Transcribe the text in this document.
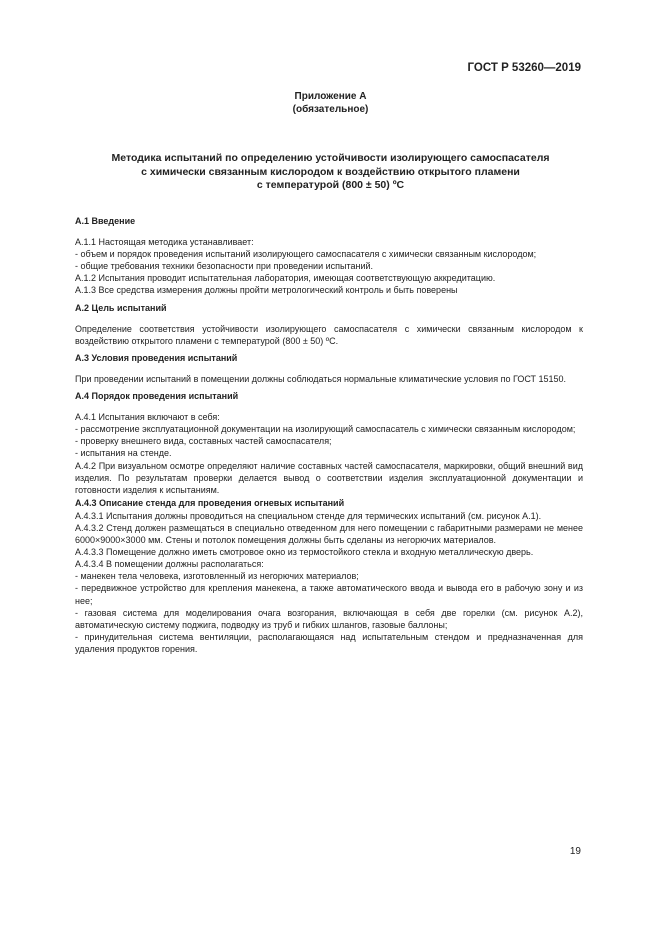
ГОСТ Р 53260—2019
Приложение А
(обязательное)
Методика испытаний по определению устойчивости изолирующего самоспасателя
с химически связанным кислородом к воздействию открытого пламени
с температурой (800 ± 50) ºС

А.1 Введение

А.1.1 Настоящая методика устанавливает:

- объем и порядок проведения испытаний изолирующего самоспасателя с химически связанным кислородом;

- общие требования техники безопасности при проведении испытаний.

А.1.2 Испытания проводит испытательная лаборатория, имеющая соответствующую аккредитацию.

А.1.3 Все средства измерения должны пройти метрологический контроль и быть поверены

А.2 Цель испытаний

Определение соответствия устойчивости изолирующего самоспасателя с химически связанным кислородом к воздействию открытого пламени с температурой (800 ± 50) ºС.

А.3 Условия проведения испытаний

При проведении испытаний в помещении должны соблюдаться нормальные климатические условия по ГОСТ 15150.

А.4 Порядок проведения испытаний

А.4.1 Испытания включают в себя:

- рассмотрение эксплуатационной документации на изолирующий самоспасатель с химически связанным кислородом;

- проверку внешнего вида, составных частей самоспасателя;

- испытания на стенде.

А.4.2 При визуальном осмотре определяют наличие составных частей самоспасателя, маркировки, общий внешний вид изделия. По результатам проверки делается вывод о соответствии изделия эксплуатационной документации и готовности изделия к испытаниям.

А.4.3 Описание стенда для проведения огневых испытаний

А.4.3.1 Испытания должны проводиться на специальном стенде для термических испытаний (см. рисунок А.1).

А.4.3.2 Стенд должен размещаться в специально отведенном для него помещении с габаритными размерами не менее 6000×9000×3000 мм. Стены и потолок помещения должны быть сделаны из негорючих материалов.

А.4.3.3 Помещение должно иметь смотровое окно из термостойкого стекла и входную металлическую дверь.

А.4.3.4 В помещении должны располагаться:

- манекен тела человека, изготовленный из негорючих материалов;

- передвижное устройство для крепления манекена, а также автоматического ввода и вывода его в рабочую зону и из нее;

- газовая система для моделирования очага возгорания, включающая в себя две горелки (см. рисунок А.2), автоматическую систему поджига, подводку из труб и гибких шлангов, газовые баллоны;

- принудительная система вентиляции, располагающаяся над испытательным стендом и предназначенная для удаления продуктов горения.

19
